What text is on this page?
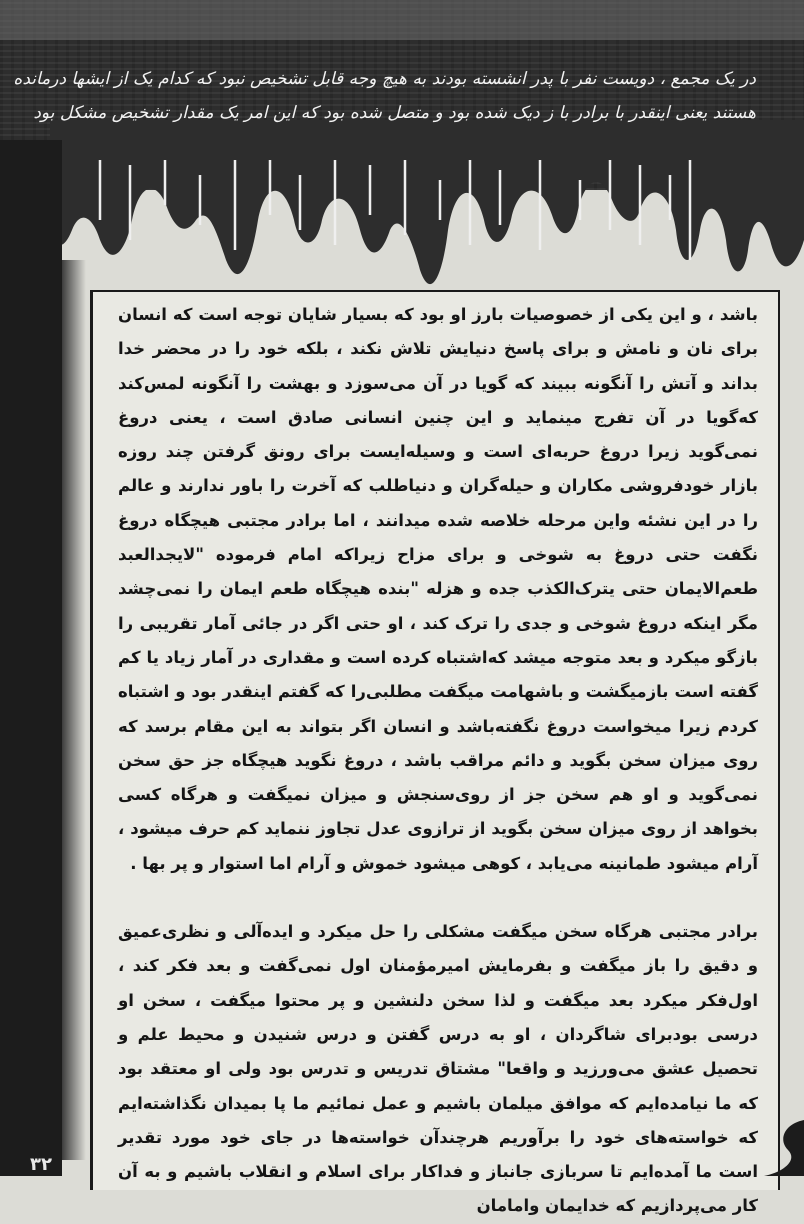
در یک مجمع ، دویست نفر با پدر انشسته بودند به هیچ وجه قابل تشخیص نبود که کدام یک از ایشها درمانده
هستند یعنی اینقدر با برادر با ز دیک شده بود و متصل شده بود که این امر یک مقدار تشخیص مشکل بود

باشد ، و این یکی از خصوصیات بارز او بود که بسیار شایان توجه است که انسان برای نان و نامش و برای پاسخ دنیایش تلاش نکند ، بلکه خود را در محضر خدا بداند و آتش را آنگونه ببیند که گویا در آن می‌سوزد و بهشت را آنگونه لمس‌کند که‌گویا در آن تفرج مینماید و این چنین انسانی صادق است ، یعنی دروغ نمی‌گوید زیرا دروغ حربه‌ای است و وسیله‌ایست برای رونق گرفتن چند روزه بازار خودفروشی مکاران و حیله‌گران و دنیاطلب که آخرت را باور ندارند و عالم را در این نشئه واین مرحله خلاصه شده میدانند ، اما برادر مجتبی هیچگاه دروغ نگفت حتی دروغ به شوخی و برای مزاح زیراکه امام فرموده "لایجدالعبد طعم‌الایمان حتی یترک‌الکذب جده و هزله "بنده هیچگاه طعم ایمان را نمی‌چشد مگر اینکه دروغ شوخی و جدی را ترک کند ، او حتی اگر در جائی آمار تقریبی را بازگو میکرد و بعد متوجه میشد که‌اشتباه کرده است و مقداری در آمار زیاد یا کم گفته است بازمیگشت و باشهامت میگفت مطلبی‌را که گفتم اینقدر بود و اشتباه کردم زیرا میخواست دروغ نگفته‌باشد و انسان اگر بتواند به این مقام برسد که روی میزان سخن بگوید و دائم مراقب باشد ، دروغ نگوید هیچگاه جز حق سخن نمی‌گوید و او هم سخن جز از روی‌سنجش و میزان نمیگفت و هرگاه کسی بخواهد از روی میزان سخن بگوید از ترازوی عدل تجاوز ننماید کم حرف میشود ، آرام میشود طمانینه می‌یابد ، کوهی میشود خموش و آرام اما استوار و پر بها .

برادر مجتبی هرگاه سخن میگفت مشکلی را حل میکرد و ایده‌آلی و نظری‌عمیق و دقیق را باز میگفت و بفرمایش امیرمؤمنان اول نمی‌گفت و بعد فکر کند ، اول‌فکر میکرد بعد میگفت و لذا سخن دلنشین و پر محتوا میگفت ، سخن او درسی بودبرای شاگردان ، او به درس گفتن و درس شنیدن و محیط علم و تحصیل عشق می‌ورزید و واقعا" مشتاق تدریس و تدرس بود ولی او معتقد بود که ما نیامده‌ایم که موافق میلمان باشیم و عمل نمائیم ما پا بمیدان نگذاشته‌ایم که خواسته‌های خود را برآوریم هرچندآن خواسته‌ها در جای خود مورد تقدیر است ما آمده‌ایم تا سربازی جانباز و فداکار برای اسلام و انقلاب باشیم و به آن کار می‌پردازیم که خدایمان وامامان

۳۲
